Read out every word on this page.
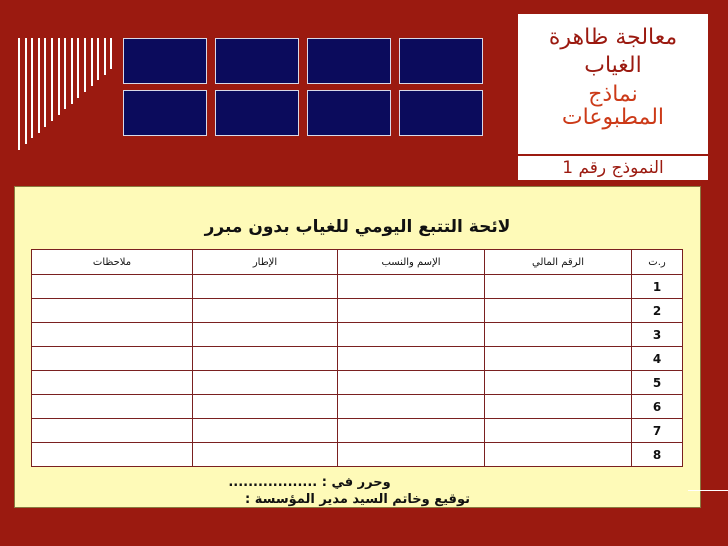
معالجة ظاهرة
الغياب
نماذج
المطبوعات
النموذج رقم 1
لائحة التتبع اليومي للغياب بدون مبرر
ر.ت	الرقم المالي	الإسم والنسب	الإطار	ملاحظات
1				
2				
3				
4				
5				
6				
7				
8				
وحرر في : ..................
توقيع وخاتم السيد مدير المؤسسة :
